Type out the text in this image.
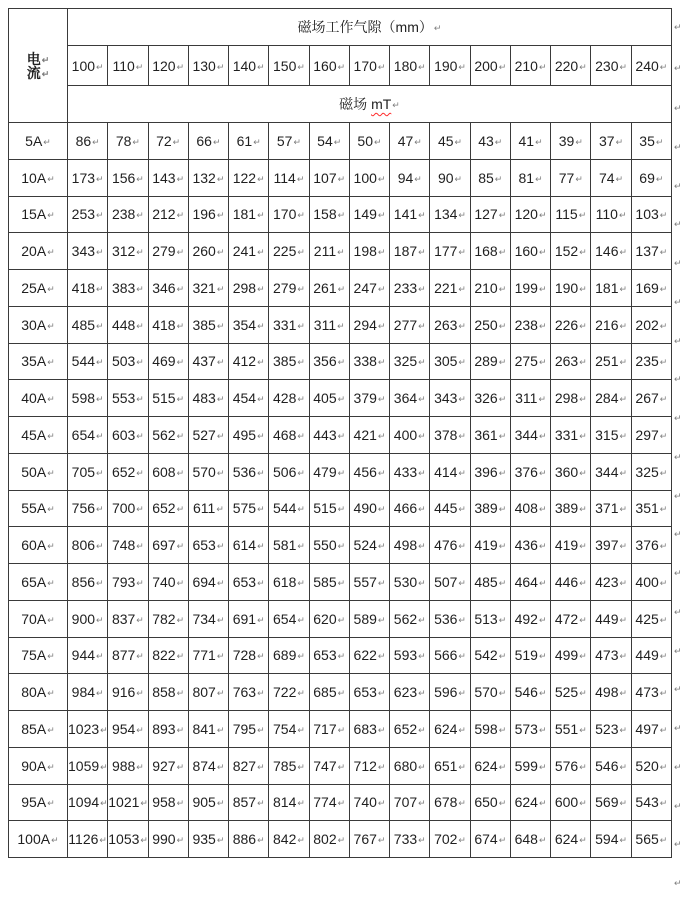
电↵
流↵	磁场工作气隙（mm）↵														
	100↵	110↵	120↵	130↵	140↵	150↵	160↵	170↵	180↵	190↵	200↵	210↵	220↵	230↵	240↵
	磁场 mT↵														
5A↵	86↵	78↵	72↵	66↵	61↵	57↵	54↵	50↵	47↵	45↵	43↵	41↵	39↵	37↵	35↵
10A↵	173↵	156↵	143↵	132↵	122↵	114↵	107↵	100↵	94↵	90↵	85↵	81↵	77↵	74↵	69↵
15A↵	253↵	238↵	212↵	196↵	181↵	170↵	158↵	149↵	141↵	134↵	127↵	120↵	115↵	110↵	103↵
20A↵	343↵	312↵	279↵	260↵	241↵	225↵	211↵	198↵	187↵	177↵	168↵	160↵	152↵	146↵	137↵
25A↵	418↵	383↵	346↵	321↵	298↵	279↵	261↵	247↵	233↵	221↵	210↵	199↵	190↵	181↵	169↵
30A↵	485↵	448↵	418↵	385↵	354↵	331↵	311↵	294↵	277↵	263↵	250↵	238↵	226↵	216↵	202↵
35A↵	544↵	503↵	469↵	437↵	412↵	385↵	356↵	338↵	325↵	305↵	289↵	275↵	263↵	251↵	235↵
40A↵	598↵	553↵	515↵	483↵	454↵	428↵	405↵	379↵	364↵	343↵	326↵	311↵	298↵	284↵	267↵
45A↵	654↵	603↵	562↵	527↵	495↵	468↵	443↵	421↵	400↵	378↵	361↵	344↵	331↵	315↵	297↵
50A↵	705↵	652↵	608↵	570↵	536↵	506↵	479↵	456↵	433↵	414↵	396↵	376↵	360↵	344↵	325↵
55A↵	756↵	700↵	652↵	611↵	575↵	544↵	515↵	490↵	466↵	445↵	389↵	408↵	389↵	371↵	351↵
60A↵	806↵	748↵	697↵	653↵	614↵	581↵	550↵	524↵	498↵	476↵	419↵	436↵	419↵	397↵	376↵
65A↵	856↵	793↵	740↵	694↵	653↵	618↵	585↵	557↵	530↵	507↵	485↵	464↵	446↵	423↵	400↵
70A↵	900↵	837↵	782↵	734↵	691↵	654↵	620↵	589↵	562↵	536↵	513↵	492↵	472↵	449↵	425↵
75A↵	944↵	877↵	822↵	771↵	728↵	689↵	653↵	622↵	593↵	566↵	542↵	519↵	499↵	473↵	449↵
80A↵	984↵	916↵	858↵	807↵	763↵	722↵	685↵	653↵	623↵	596↵	570↵	546↵	525↵	498↵	473↵
85A↵	1023↵	954↵	893↵	841↵	795↵	754↵	717↵	683↵	652↵	624↵	598↵	573↵	551↵	523↵	497↵
90A↵	1059↵	988↵	927↵	874↵	827↵	785↵	747↵	712↵	680↵	651↵	624↵	599↵	576↵	546↵	520↵
95A↵	1094↵	1021↵	958↵	905↵	857↵	814↵	774↵	740↵	707↵	678↵	650↵	624↵	600↵	569↵	543↵
100A↵	1126↵	1053↵	990↵	935↵	886↵	842↵	802↵	767↵	733↵	702↵	674↵	648↵	624↵	594↵	565↵
↵
↵
↵
↵
↵
↵
↵
↵
↵
↵
↵
↵
↵
↵
↵
↵
↵
↵
↵
↵
↵
↵
↵
